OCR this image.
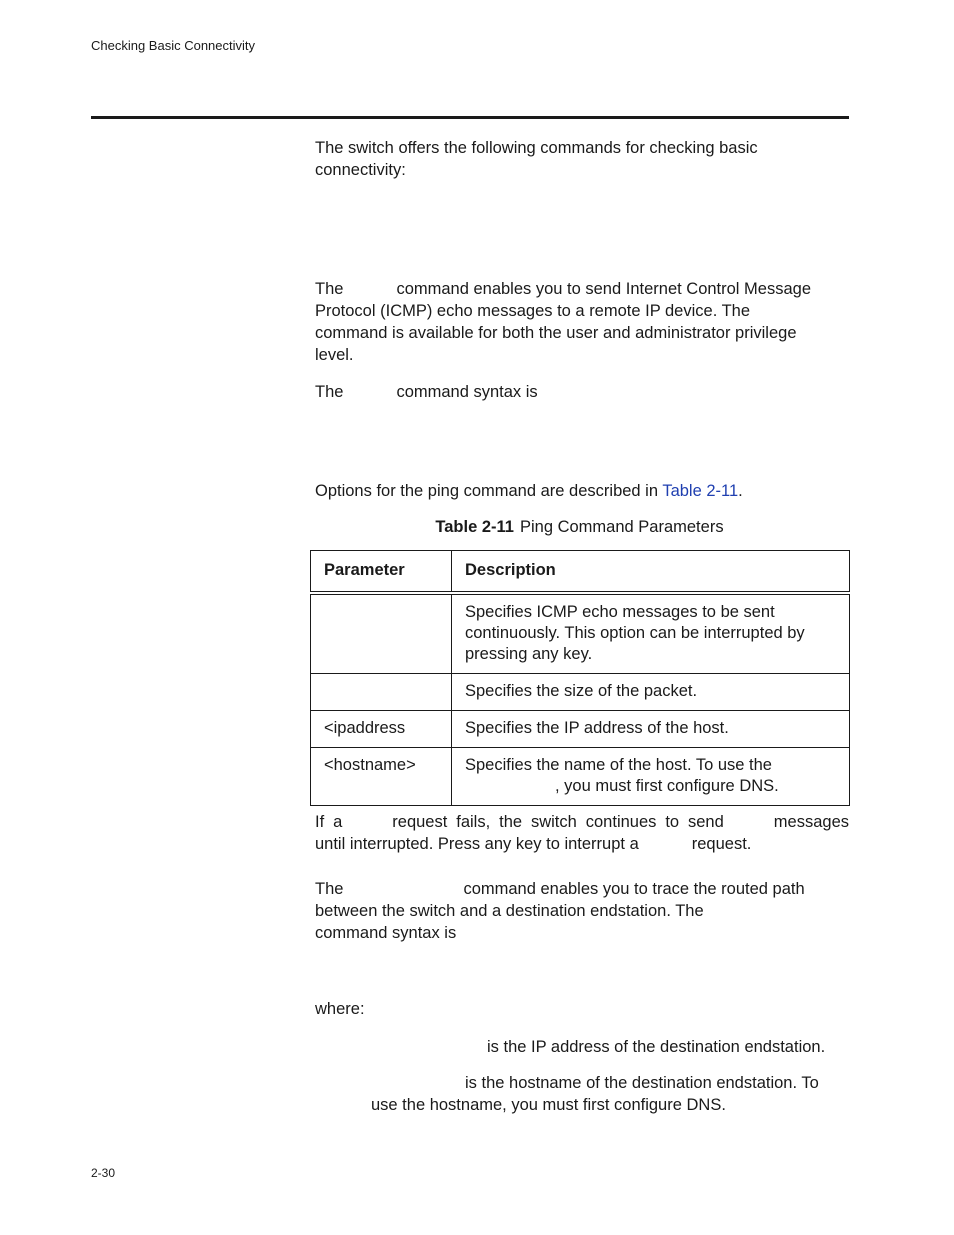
Checking Basic Connectivity

The switch offers the following commands for checking basic

connectivity:

The	command enables you to send Internet Control Message

Protocol (ICMP) echo messages to a remote IP device. The

command is available for both the user and administrator privilege

level.

The	command syntax is

Options for the ping command are described in Table 2-11.

Table 2-11 Ping Command Parameters
Parameter	Description

	Specifies ICMP echo messages to be sent
continuously. This option can be interrupted by
pressing any key.

	Specifies the size of the packet.

<ipaddress	Specifies the IP address of the host.

<hostname>	Specifies the name of the host. To use the
, you must first configure DNS.

If a	request fails, the switch continues to send	messages

until interrupted. Press any key to interrupt a	request.

The	command enables you to trace the routed path

between the switch and a destination endstation. The

command syntax is

where:
is the IP address of the destination endstation.
is the hostname of the destination endstation. To
use the hostname, you must first configure DNS.
2-30
